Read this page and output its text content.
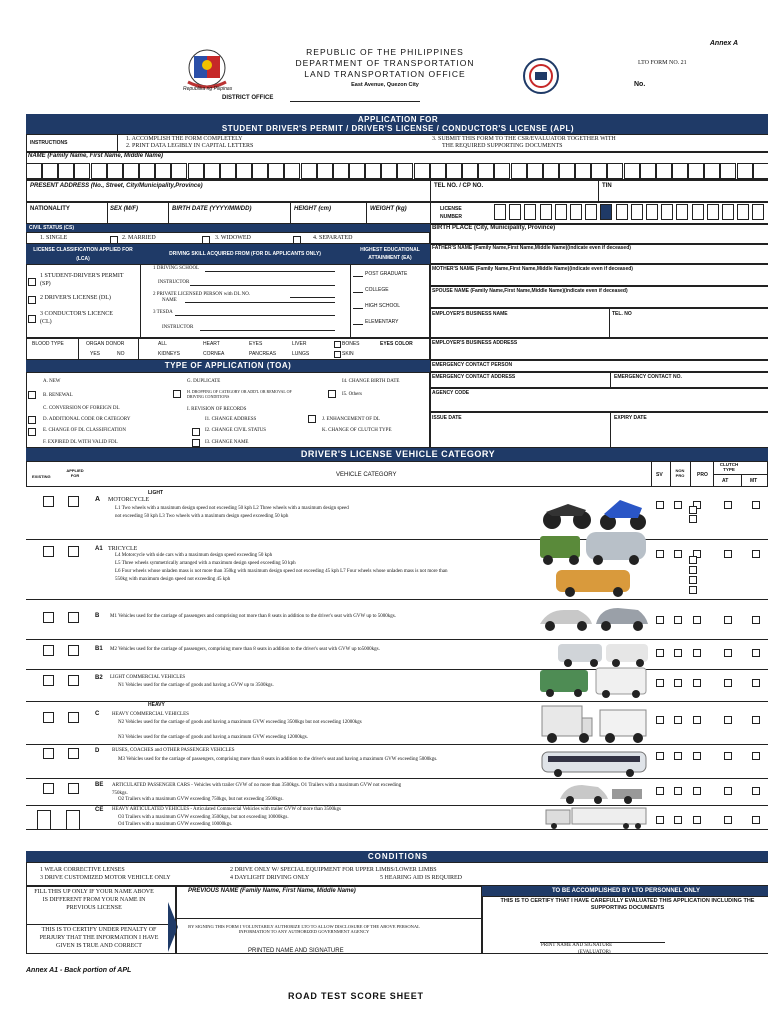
Annex A
Republika ng Pilipinas
REPUBLIC OF THE PHILIPPINES
DEPARTMENT OF TRANSPORTATION
LAND TRANSPORTATION OFFICE
East Avenue, Quezon City
DISTRICT OFFICE
LTO FORM NO. 21
No.
APPLICATION FOR
STUDENT DRIVER'S PERMIT / DRIVER'S LICENSE / CONDUCTOR'S LICENSE (APL)
INSTRUCTIONS
1. ACCOMPLISH THE FORM COMPLETELY
2. PRINT DATA LEGIBLY IN CAPITAL LETTERS
3. SUBMIT THIS FORM TO THE CSR/EVALUATOR TOGETHER WITH
THE REQUIRED SUPPORTING DOCUMENTS
NAME (Family Name, First Name, Middle Name)
PRESENT ADDRESS (No., Street, City/Municipality,Province)	TEL NO. / CP NO.	TIN
NATIONALITY	SEX (M/F)	BIRTH DATE (YYYY/MM/DD)	HEIGHT (cm)	WEIGHT (kg)	LICENSE NUMBER
CIVIL STATUS (CS)
1. SINGLE	2. MARRIED	3. WIDOWED	4. SEPARATED
BIRTH PLACE (City, Municipality, Province)
LICENSE CLASSIFICATION APPLIED FOR (LCA)
DRIVING SKILL ACQUIRED FROM (FOR DL APPLICANTS ONLY)
HIGHEST EDUCATIONAL ATTAINMENT (EA)
1 STUDENT-DRIVER'S PERMIT (SP)
2 DRIVER'S LICENSE (DL)
3 CONDUCTOR'S LICENCE (CL)
1 DRIVING SCHOOL
INSTRUCTOR
2 PRIVATE LICENSED PERSON with DL NO.
NAME
3 TESDA
INSTRUCTOR
POST GRADUATE
COLLEGE
HIGH SCHOOL
ELEMENTARY
FATHER'S NAME (Family Name,First Name,Middle Name)(indicate even if deceased)
MOTHER'S NAME (Family Name,First Name,Middle Name)(indicate even if deceased)
SPOUSE NAME (Family Name,First Name,Middle Name)(indicate even if deceased)
EMPLOYER'S BUSINESS NAME	TEL. NO
BLOOD TYPE	ORGAN DONOR
YES	NO
ALL
KIDNEYS
HEART
CORNEA
EYES
PANCREAS
LIVER
LUNGS
BONES
SKIN
EYES COLOR	EMPLOYER'S BUSINESS ADDRESS
TYPE OF APPLICATION (TOA)
A. NEW
B. RENEWAL
C. CONVERSION OF FOREIGN DL
D. ADDITIONAL CODE OR CATEGORY
E. CHANGE OF DL CLASSIFICATION
F. EXPIRED DL WITH VALID FDL
G. DUPLICATE
H. DROPPING OF CATEGORY OR ADD'L OR REMOVAL OF DRIVING CONDITIONS
I. REVISION OF RECORDS
I1. CHANGE ADDRESS
I2. CHANGE CIVIL STATUS
I3. CHANGE NAME
I4. CHANGE BIRTH DATE
I5. Others
J. ENHANCEMENT OF DL
K. CHANGE OF CLUTCH TYPE
EMERGENCY CONTACT PERSON
EMERGENCY CONTACT ADDRESS	EMERGENCY CONTACT NO.
AGENCY CODE
ISSUE DATE	EXPIRY DATE
DRIVER'S LICENSE VEHICLE CATEGORY
EXISTING
APPLIED FOR	VEHICLE CATEGORY	SV
NON PRO	PRO
CLUTCH TYPE
AT	MT
LIGHT
A MOTORCYCLE
L1 Two wheels with a maximum design speed not exceeding 50 kph L2 Three wheels with a maximum design speed not exceeding 50 kph L3 Two wheels with a maximum design speed exceeding 50 kph
A1 TRICYCLE
L4 Motorcycle with side cars with a maximum design speed exceeding 50 kph
L5 Three wheels symmetrically arranged with a maximum design speed exceeding 50 kph
L6 Four wheels whose unladen mass is not more than 350kg with maximum design speed not exceeding 45 kph L7 Four wheels whose unladen mass is not more than 550kg with maximum design speed not exceeding 45 kph
B M1 Vehicles used for the carriage of passengers and comprising not more than 8 seats in addition to the driver's seat with GVW up to 5000kgs.
B1 M2 Vehicles used for the carriage of passengers, comprising more than 8 seats in addition to the driver's seat with GVW up to5000kgs.
B2 LIGHT COMMERCIAL VEHICLES
N1 Vehicles used for the carriage of goods and having a GVW up to 3500kgs.
HEAVY
C	HEAVY COMMERCIAL VEHICLES
N2 Vehicles used for the carriage of goods and having a maximum GVW exceeding 3500kgs but not exceeding 12000kgs
N3 Vehicles used for the carriage of goods and having a maximum GVW exceeding 12000kgs.
D	BUSES, COACHES and OTHER PASSENGER VEHICLES
M3 Vehicles used for the carriage of passengers, comprising more than 8 seats in addition to the driver's seat and having a maximum GVW exceeding 5000kgs.
BE ARTICULATED PASSENGER CARS - Vehicles with trailer GVW of no more than 3500kgs. O1 Trailers with a maximum GVW not exceeding 750kgs.
O2 Trailers with a maximum GVW exceeding 750kgs, but not exceeding 3500kgs.
CE HEAVY ARTICULATED VEHICLES - Articulated Commercial Vehicles with trailer GVW of more than 3500kgs
O3 Trailers with a maximum GVW exceeding 3500kgs, but not exceeding 10000kgs.
O4 Trailers with a maximum GVW exceeding 10000kgs.
CONDITIONS
1 WEAR CORRECTIVE LENSES
3 DRIVE CUSTOMIZED MOTOR VEHICLE ONLY
2 DRIVE ONLY W/ SPECIAL EQUIPMENT FOR UPPER LIMBS/LOWER LIMBS
4 DAYLIGHT DRIVING ONLY	5 HEARING AID IS REQUIRED
FILL THIS UP ONLY IF YOUR NAME ABOVE IS DIFFERENT FROM YOUR NAME IN PREVIOUS LICENSE
THIS IS TO CERTIFY UNDER PENALTY OF PERJURY THAT THE INFORMATION I HAVE GIVEN IS TRUE AND CORRECT
PREVIOUS NAME (Family Name, First Name, Middle Name)
BY SIGNING THIS FORM I VOLUNTARILY AUTHORIZE LTO TO ALLOW DISCLOSURE OF THE ABOVE PERSONAL INFORMATION TO ANY AUTHORIZED GOVERNMENT AGENCY
PRINTED NAME AND SIGNATURE
TO BE ACCOMPLISHED BY LTO PERSONNEL ONLY
THIS IS TO CERTIFY THAT I HAVE CAREFULLY EVALUATED THIS APPLICATION INCLUDING THE SUPPORTING DOCUMENTS
PRINT NAME AND SIGNATURE
(EVALUATOR)
Annex A1 - Back portion of APL
ROAD TEST SCORE SHEET
